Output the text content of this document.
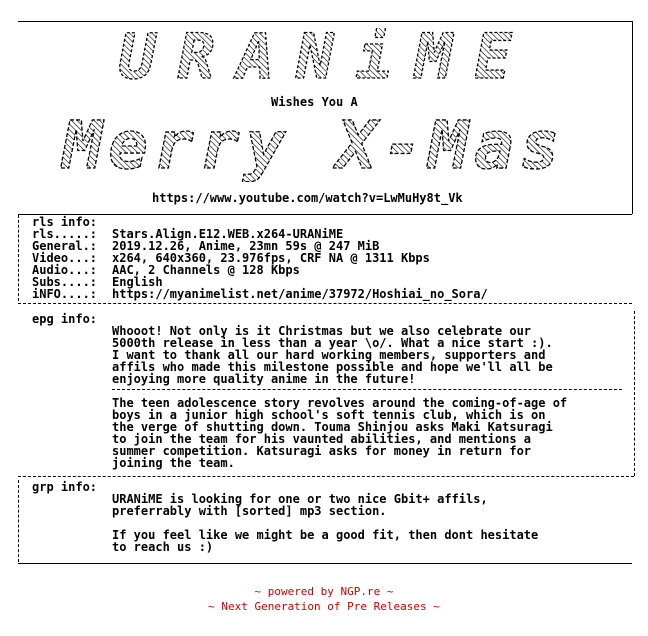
URANiME
Wishes You A
Merry X-Mas
https://www.youtube.com/watch?v=LwMuHy8t_Vk
rls info:
rls.....: Stars.Align.E12.WEB.x264-URANiME
General.: 2019.12.26, Anime, 23mn 59s @ 247 MiB
Video...: x264, 640x360, 23.976fps, CRF NA @ 1311 Kbps
Audio...: AAC, 2 Channels @ 128 Kbps
Subs....: English
iNFO....: https://myanimelist.net/anime/37972/Hoshiai_no_Sora/
epg info:
Whooot! Not only is it Christmas but we also celebrate our
5000th release in less than a year \o/. What a nice start :).
I want to thank all our hard working members, supporters and
affils who made this milestone possible and hope we'll all be
enjoying more quality anime in the future!
The teen adolescence story revolves around the coming-of-age of
boys in a junior high school's soft tennis club, which is on
the verge of shutting down. Touma Shinjou asks Maki Katsuragi
to join the team for his vaunted abilities, and mentions a
summer competition. Katsuragi asks for money in return for
joining the team.
grp info:
URANiME is looking for one or two nice Gbit+ affils,
preferrably with [sorted] mp3 section.
If you feel like we might be a good fit, then dont hesitate
to reach us :)
~ powered by NGP.re ~
~ Next Generation of Pre Releases ~
